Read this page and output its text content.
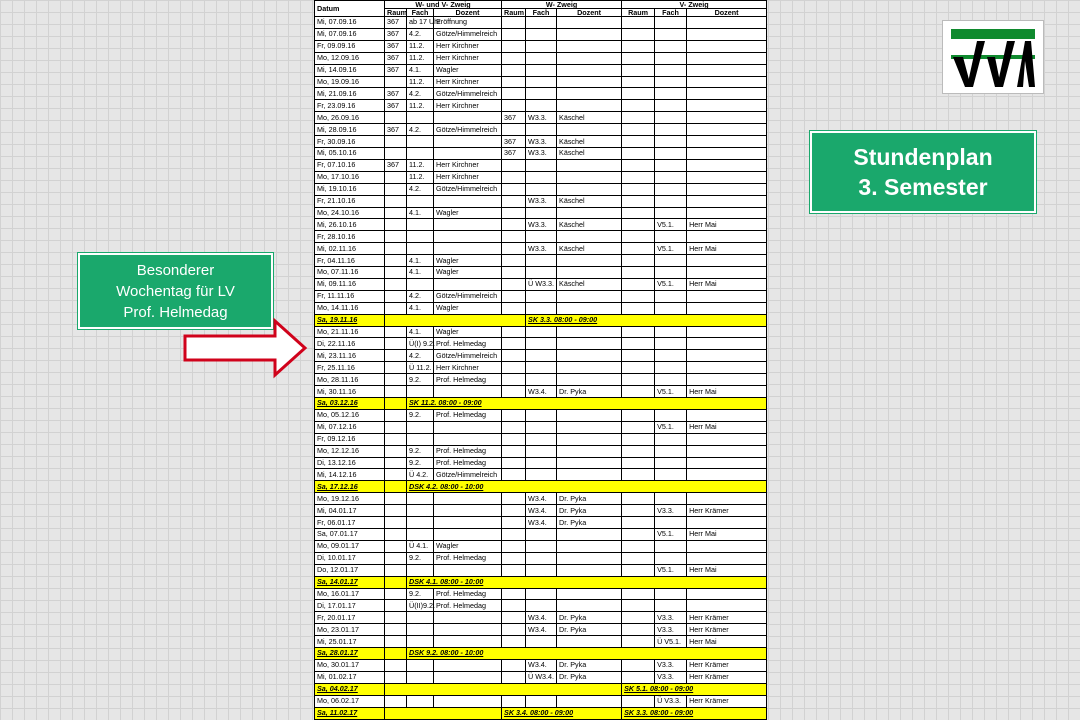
Datum	W- und V- Zweig			W- Zweig			V- Zweig		
	Raum	Fach	Dozent	Raum	Fach	Dozent	Raum	Fach	Dozent
Mi, 07.09.16	367	ab 17 Uhr	Eröffnung						
Mi, 07.09.16	367	4.2.	Götze/Himmelreich						
Fr, 09.09.16	367	11.2.	Herr Kirchner						
Mo, 12.09.16	367	11.2.	Herr Kirchner						
Mi, 14.09.16	367	4.1.	Wagler						
Mo, 19.09.16		11.2.	Herr Kirchner						
Mi, 21.09.16	367	4.2.	Götze/Himmelreich						
Fr, 23.09.16	367	11.2.	Herr Kirchner						
Mo, 26.09.16				367	W3.3.	Käschel			
Mi, 28.09.16	367	4.2.	Götze/Himmelreich						
Fr, 30.09.16				367	W3.3.	Käschel			
Mi, 05.10.16				367	W3.3.	Käschel			
Fr, 07.10.16	367	11.2.	Herr Kirchner						
Mo, 17.10.16		11.2.	Herr Kirchner						
Mi, 19.10.16		4.2.	Götze/Himmelreich						
Fr, 21.10.16					W3.3.	Käschel			
Mo, 24.10.16		4.1.	Wagler						
Mi, 26.10.16					W3.3.	Käschel		V5.1.	Herr Mai
Fr, 28.10.16									
Mi, 02.11.16					W3.3.	Käschel		V5.1.	Herr Mai
Fr, 04.11.16		4.1.	Wagler						
Mo, 07.11.16		4.1.	Wagler						
Mi, 09.11.16					Ü W3.3.	Käschel		V5.1.	Herr Mai
Fr, 11.11.16		4.2.	Götze/Himmelreich						
Mo, 14.11.16		4.1.	Wagler						
Sa, 19.11.16					SK 3.3. 08:00 - 09:00				
Mo, 21.11.16		4.1.	Wagler						
Di, 22.11.16		Ü(I) 9.2.	Prof. Helmedag						
Mi, 23.11.16		4.2.	Götze/Himmelreich						
Fr, 25.11.16		Ü 11.2.	Herr Kirchner						
Mo, 28.11.16		9.2.	Prof. Helmedag						
Mi, 30.11.16					W3.4.	Dr. Pyka		V5.1.	Herr Mai
Sa, 03.12.16		SK 11.2. 08:00 - 09:00							
Mo, 05.12.16		9.2.	Prof. Helmedag						
Mi, 07.12.16								V5.1.	Herr Mai
Fr, 09.12.16									
Mo, 12.12.16		9.2.	Prof. Helmedag						
Di, 13.12.16		9.2.	Prof. Helmedag						
Mi, 14.12.16		Ü 4.2.	Götze/Himmelreich						
Sa, 17.12.16		DSK 4.2. 08:00 - 10:00							
Mo, 19.12.16					W3.4.	Dr. Pyka			
Mi, 04.01.17					W3.4.	Dr. Pyka		V3.3.	Herr Krämer
Fr, 06.01.17					W3.4.	Dr. Pyka			
Sa, 07.01.17								V5.1.	Herr Mai
Mo, 09.01.17		Ü 4.1.	Wagler						
Di, 10.01.17		9.2.	Prof. Helmedag						
Do, 12.01.17								V5.1.	Herr Mai
Sa, 14.01.17		DSK 4.1. 08:00 - 10:00							
Mo, 16.01.17		9.2.	Prof. Helmedag						
Di, 17.01.17		Ü(II)9.2.	Prof. Helmedag						
Fr, 20.01.17					W3.4.	Dr. Pyka		V3.3.	Herr Krämer
Mo, 23.01.17					W3.4.	Dr. Pyka		V3.3.	Herr Krämer
Mi, 25.01.17								Ü V5.1.	Herr Mai
Sa, 28.01.17		DSK 9.2. 08:00 - 10:00							
Mo, 30.01.17					W3.4.	Dr. Pyka		V3.3.	Herr Krämer
Mi, 01.02.17					Ü W3.4.	Dr. Pyka		V3.3.	Herr Krämer
Sa, 04.02.17							SK 5.1. 08:00 - 09:00		
Mo, 06.02.17								Ü V3.3.	Herr Krämer
Sa, 11.02.17				SK 3.4. 08:00 - 09:00			SK 3.3. 08:00 - 09:00		
Stundenplan
3. Semester
Besonderer
Wochentag für LV
Prof. Helmedag
